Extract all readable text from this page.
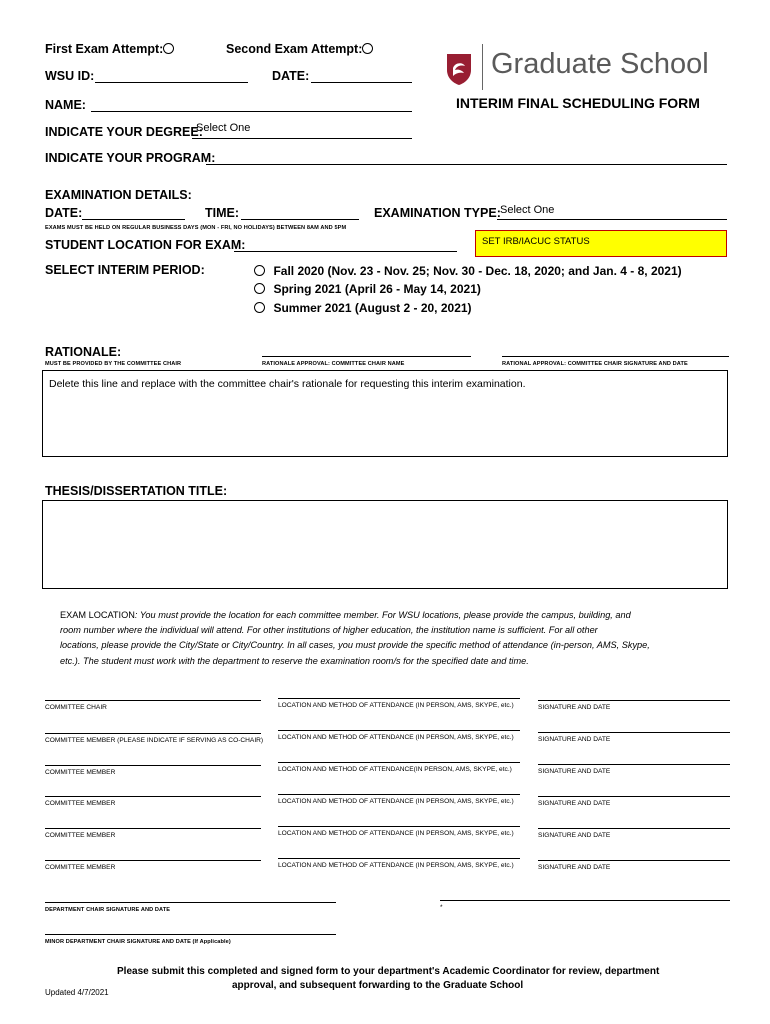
First Exam Attempt:	Second Exam Attempt:
WSU ID:	DATE:	Graduate School
INTERIM FINAL SCHEDULING FORM
NAME:
INDICATE YOUR DEGREE:
Select One
INDICATE YOUR PROGRAM:
EXAMINATION DETAILS:
DATE:	TIME:	EXAMINATION TYPE: Select One
EXAMS MUST BE HELD ON REGULAR BUSINESS DAYS (MON - FRI, NO HOLIDAYS) BETWEEN 8AM AND 5PM
STUDENT LOCATION FOR EXAM:	SET IRB/IACUC STATUS
SELECT INTERIM PERIOD:	Fall 2020 (Nov. 23 - Nov. 25; Nov. 30 - Dec. 18, 2020; and Jan. 4 - 8, 2021)
Spring 2021 (April 26 - May 14, 2021)
Summer 2021 (August 2 - 20, 2021)
RATIONALE:
MUST BE PROVIDED BY THE COMMITTEE CHAIR	RATIONALE APPROVAL: COMMITTEE CHAIR NAME	RATIONAL APPROVAL: COMMITTEE CHAIR SIGNATURE AND DATE
Delete this line and replace with the committee chair's rationale for requesting this interim examination.
THESIS/DISSERTATION TITLE:
EXAM LOCATION: You must provide the location for each committee member. For WSU locations, please provide the campus, building, and
room number where the individual will attend. For other institutions of higher education, the institution name is sufficient. For all other
locations, please provide the City/State or City/Country. In all cases, you must provide the specific method of attendance (in-person, AMS, Skype,
etc.). The student must work with the department to reserve the examination room/s for the specified date and time.
COMMITTEE CHAIR	LOCATION AND METHOD OF ATTENDANCE (IN PERSON, AMS, SKYPE, etc.)	SIGNATURE AND DATE
COMMITTEE MEMBER (PLEASE INDICATE IF SERVING AS CO-CHAIR) LOCATION AND METHOD OF ATTENDANCE (IN PERSON, AMS, SKYPE, etc.)	SIGNATURE AND DATE
COMMITTEE MEMBER	LOCATION AND METHOD OF ATTENDANCE(IN PERSON, AMS, SKYPE, etc.)	SIGNATURE AND DATE
COMMITTEE MEMBER	LOCATION AND METHOD OF ATTENDANCE (IN PERSON, AMS, SKYPE, etc.)	SIGNATURE AND DATE
COMMITTEE MEMBER	LOCATION AND METHOD OF ATTENDANCE (IN PERSON, AMS, SKYPE, etc.)	SIGNATURE AND DATE
COMMITTEE MEMBER	LOCATION AND METHOD OF ATTENDANCE (IN PERSON, AMS, SKYPE, etc.)	SIGNATURE AND DATE
DEPARTMENT CHAIR SIGNATURE AND DATE	*
MINOR DEPARTMENT CHAIR SIGNATURE AND DATE (If Applicable)
Please submit this completed and signed form to your department's Academic Coordinator for review, department
approval, and subsequent forwarding to the Graduate School
Updated 4/7/2021
